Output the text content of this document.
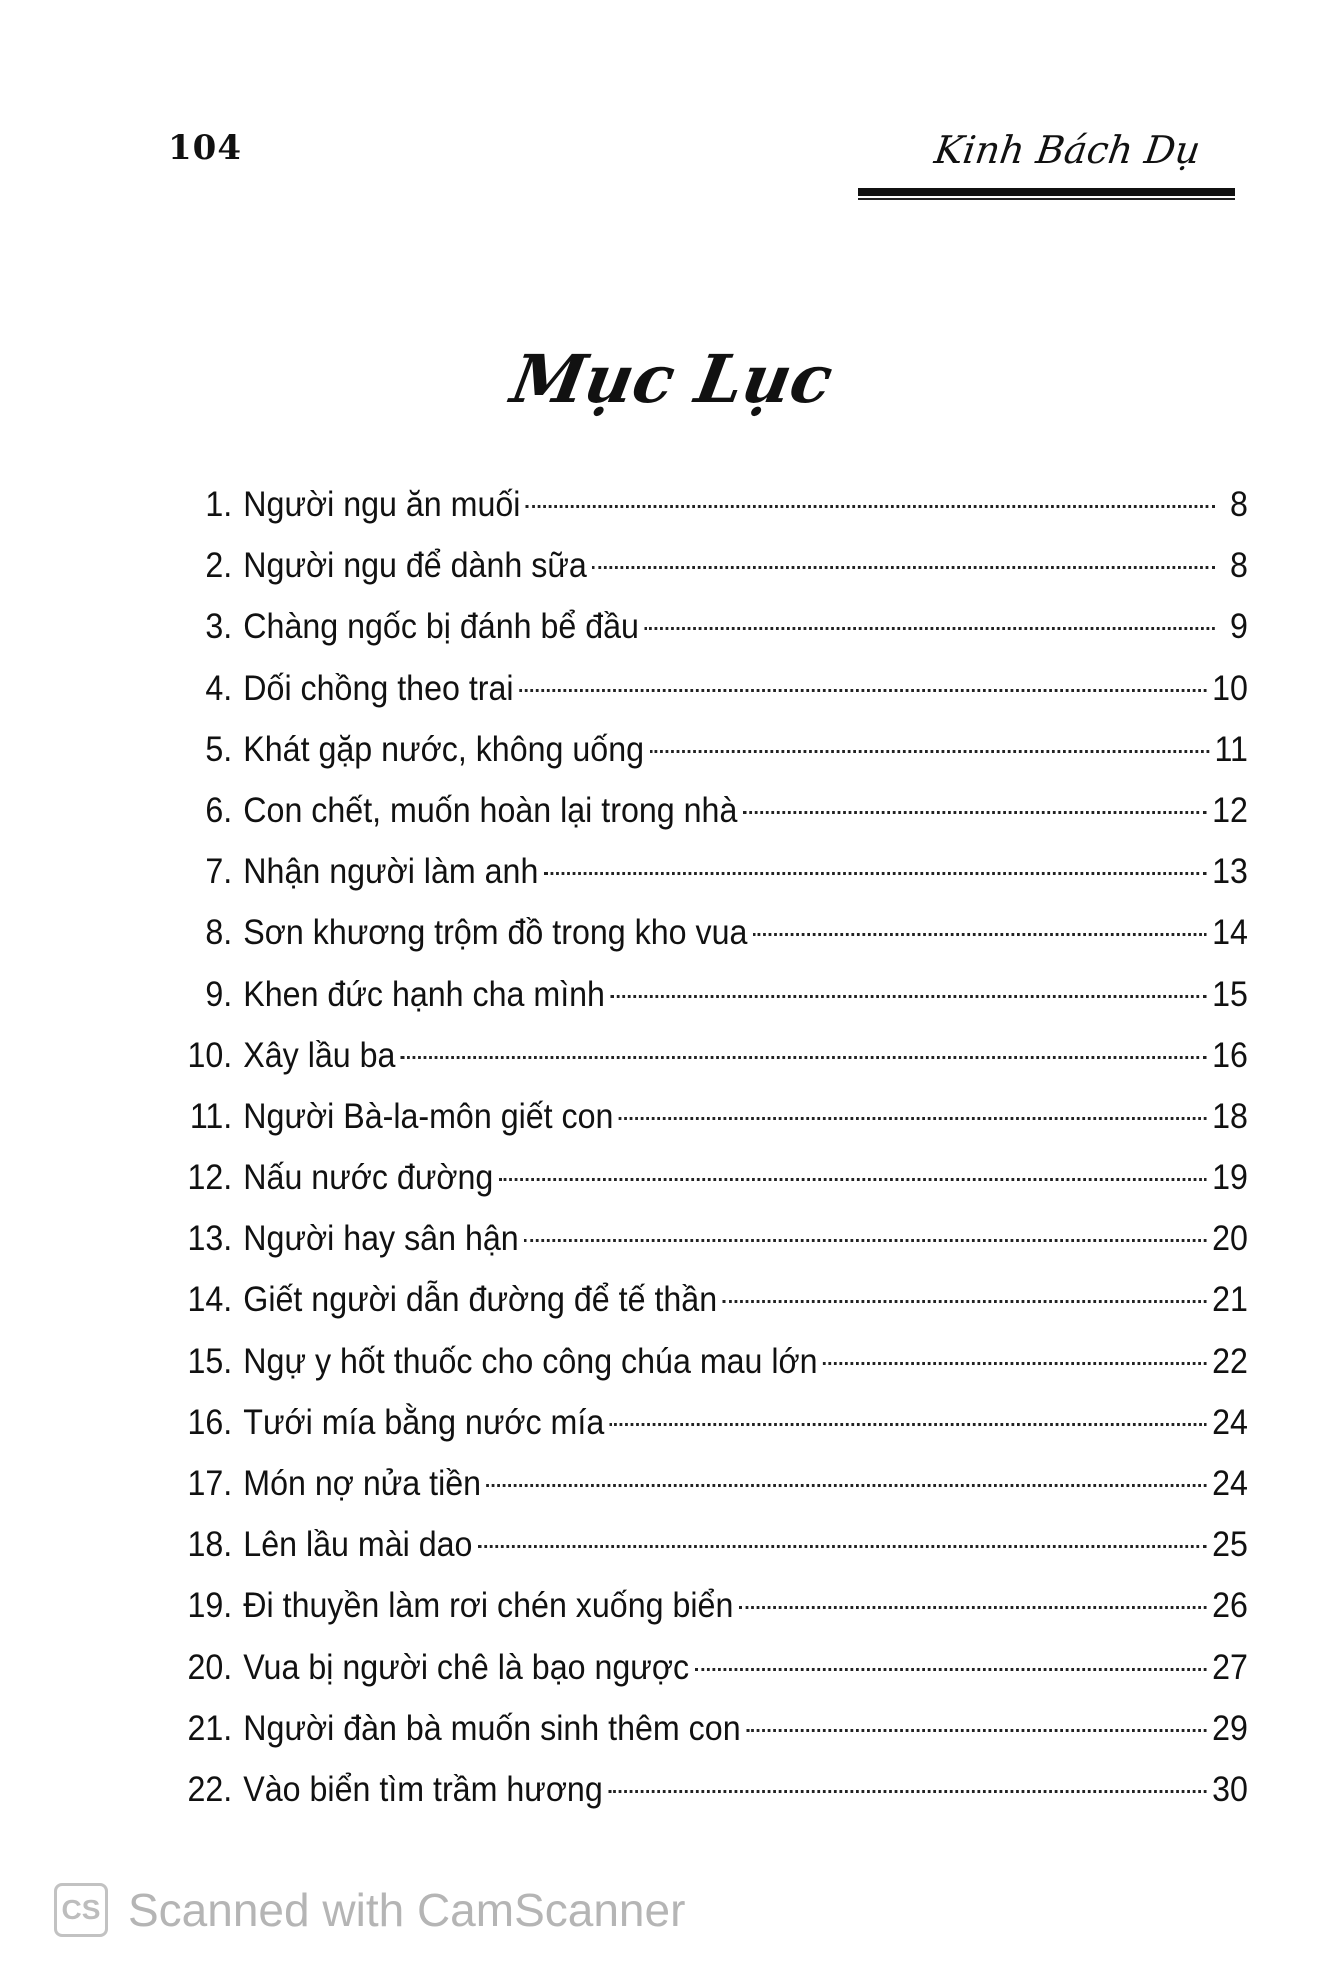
104	Kinh Bách Dụ
Mục Lục
1. Người ngu ăn muối	8
2. Người ngu để dành sữa	8
3. Chàng ngốc bị đánh bể đầu	9
4. Dối chồng theo trai	10
5. Khát gặp nước, không uống	11
6. Con chết, muốn hoàn lại trong nhà	12
7. Nhận người làm anh	13
8. Sơn khương trộm đồ trong kho vua	14
9. Khen đức hạnh cha mình	15
10. Xây lầu ba	16
11. Người Bà-la-môn giết con	18
12. Nấu nước đường	19
13. Người hay sân hận	20
14. Giết người dẫn đường để tế thần	21
15. Ngự y hốt thuốc cho công chúa mau lớn	22
16. Tưới mía bằng nước mía	24
17. Món nợ nửa tiền	24
18. Lên lầu mài dao	25
19. Đi thuyền làm rơi chén xuống biển	26
20. Vua bị người chê là bạo ngược	27
21. Người đàn bà muốn sinh thêm con	29
22. Vào biển tìm trầm hương	30
CS Scanned with CamScanner
